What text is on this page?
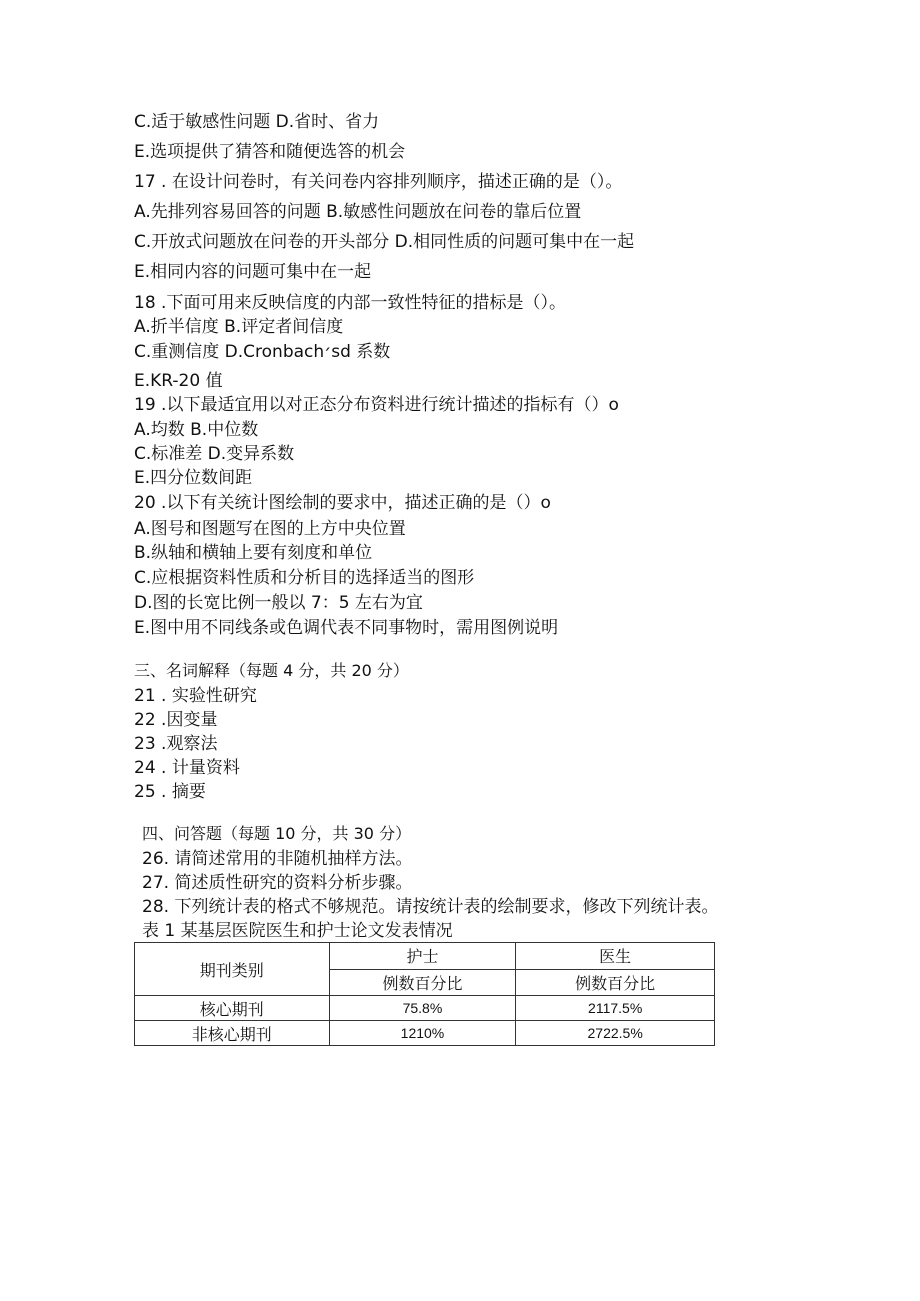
C.适于敏感性问题 D.省时、省力
E.选项提供了猜答和随便选答的机会
17 . 在设计问卷时，有关问卷内容排列顺序，描述正确的是（）。
A.先排列容易回答的问题 B.敏感性问题放在问卷的靠后位置
C.开放式问题放在问卷的开头部分 D.相同性质的问题可集中在一起
E.相同内容的问题可集中在一起
18 .下面可用来反映信度的内部一致性特征的措标是（）。
A.折半信度 B.评定者间信度
C.重测信度 D.Cronbach׳sd 系数
E.KR-20 值
19 .以下最适宜用以对正态分布资料进行统计描述的指标有（）o
A.均数 B.中位数
C.标准差 D.变异系数
E.四分位数间距
20 .以下有关统计图绘制的要求中，描述正确的是（）o
A.图号和图题写在图的上方中央位置
B.纵轴和横轴上要有刻度和单位
C.应根据资料性质和分析目的选择适当的图形
D.图的长宽比例一般以 7：5 左右为宜
E.图中用不同线条或色调代表不同事物时，需用图例说明
三、名词解释（每题 4 分，共 20 分）
21 . 实验性研究
22 .因变量
23 .观察法
24 . 计量资料
25 . 摘要
四、问答题（每题 10 分，共 30 分）
26. 请简述常用的非随机抽样方法。
27. 简述质性研究的资料分析步骤。
28. 下列统计表的格式不够规范。请按统计表的绘制要求，修改下列统计表。
表 1 某基层医院医生和护士论文发表情况
期刊类别	护士	医生
	例数百分比	例数百分比
核心期刊	75.8%	2117.5%
非核心期刊	1210%	2722.5%
